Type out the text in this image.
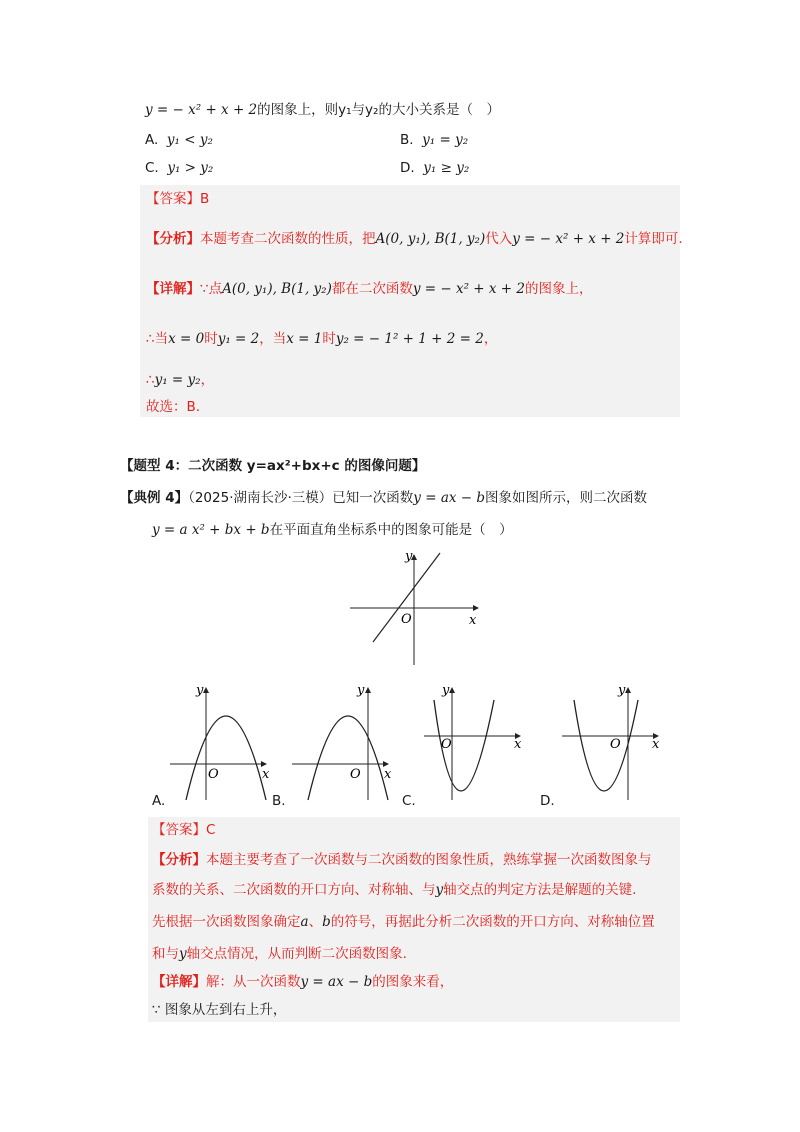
y = − x² + x + 2的图象上，则y₁与y₂的大小关系是（　）
A. y₁ < y₂	B. y₁ = y₂
C. y₁ > y₂	D. y₁ ≥ y₂
【答案】B
【分析】本题考查二次函数的性质，把A(0, y₁), B(1, y₂)代入y = − x² + x + 2计算即可.
【详解】∵点A(0, y₁), B(1, y₂)都在二次函数y = − x² + x + 2的图象上，
∴当x = 0时y₁ = 2，当x = 1时y₂ = − 1² + 1 + 2 = 2，
∴y₁ = y₂，
故选：B.
【题型 4：二次函数 y=ax²+bx+c 的图像问题】
【典例 4】（2025·湖南长沙·三模）已知一次函数y = ax − b图象如图所示，则二次函数
y = a x² + bx + b在平面直角坐标系中的图象可能是（　）
y
x
O
y
x
O
A.
y
x
O
B.
y
x
O
C.
y
x
O
D.
【答案】C
【分析】本题主要考查了一次函数与二次函数的图象性质，熟练掌握一次函数图象与
系数的关系、二次函数的开口方向、对称轴、与y轴交点的判定方法是解题的关键.
先根据一次函数图象确定a、b的符号，再据此分析二次函数的开口方向、对称轴位置
和与y轴交点情况，从而判断二次函数图象.
【详解】解：从一次函数y = ax − b的图象来看，
∵ 图象从左到右上升，
